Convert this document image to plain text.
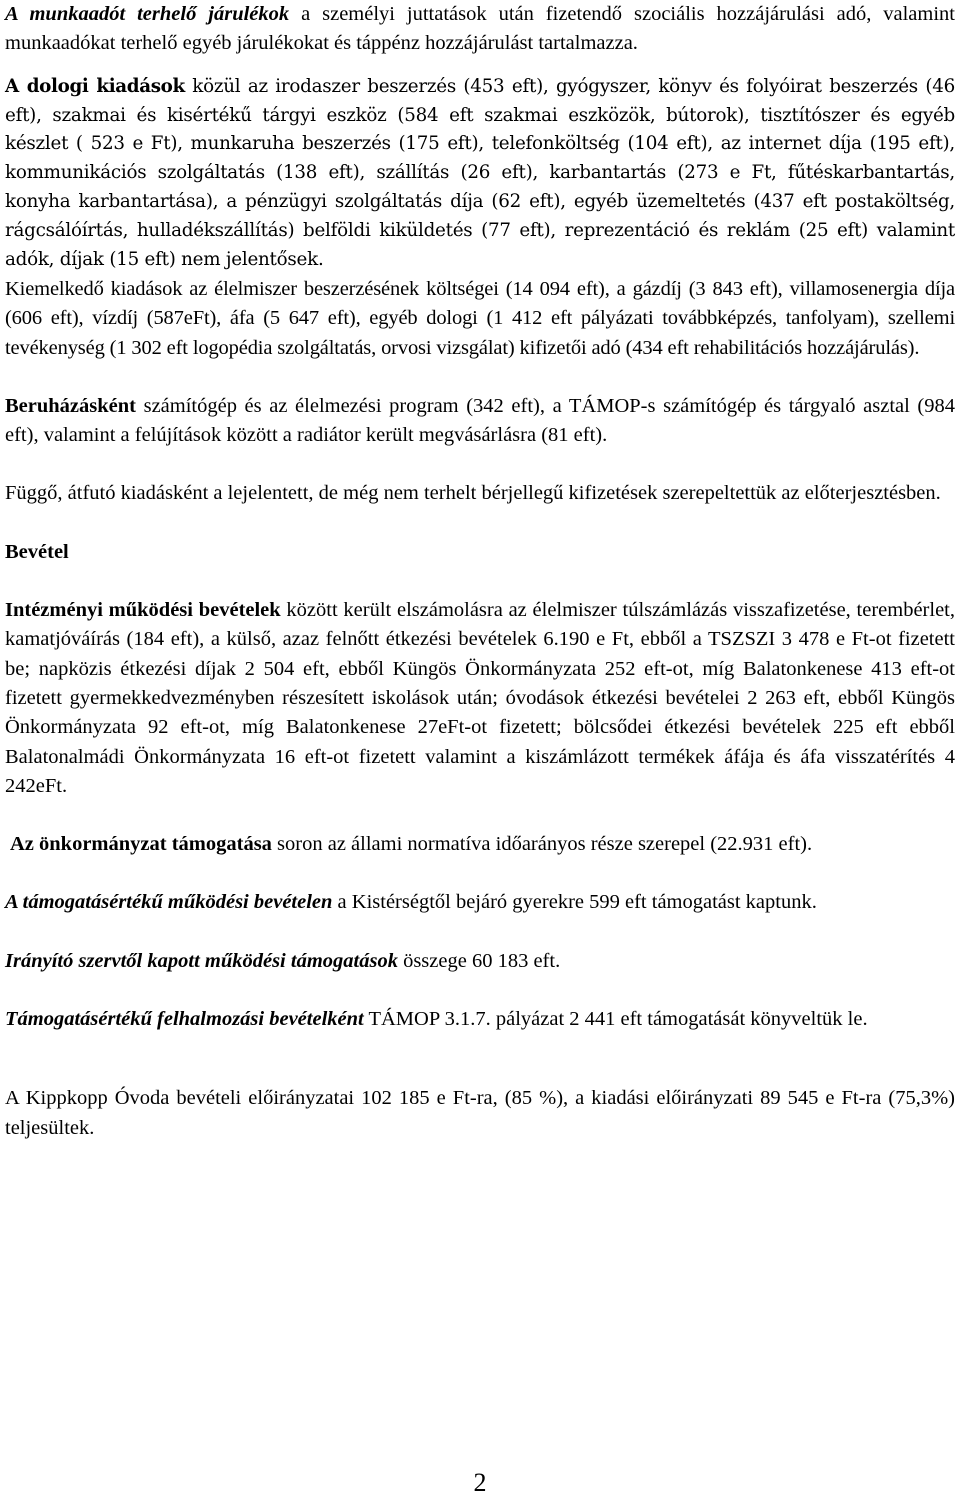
A munkaadót terhelő járulékok a személyi juttatások után fizetendő szociális hozzájárulási adó, valamint munkaadókat terhelő egyéb járulékokat és táppénz hozzájárulást tartalmazza.

A dologi kiadások közül az irodaszer beszerzés (453 eft), gyógyszer, könyv és folyóirat beszerzés (46 eft), szakmai és kisértékű tárgyi eszköz (584 eft szakmai eszközök, bútorok), tisztítószer és egyéb készlet ( 523 e Ft), munkaruha beszerzés (175 eft), telefonköltség (104 eft), az internet díja (195 eft), kommunikációs szolgáltatás (138 eft), szállítás (26 eft), karbantartás (273 e Ft, fűtéskarbantartás, konyha karbantartása), a pénzügyi szolgáltatás díja (62 eft), egyéb üzemeltetés (437 eft postaköltség, rágcsálóírtás, hulladékszállítás) belföldi kiküldetés (77 eft), reprezentáció és reklám (25 eft) valamint adók, díjak (15 eft) nem jelentősek.

Kiemelkedő kiadások az élelmiszer beszerzésének költségei (14 094 eft), a gázdíj (3 843 eft), villamosenergia díja (606 eft), vízdíj (587eFt), áfa (5 647 eft), egyéb dologi (1 412 eft pályázati továbbképzés, tanfolyam), szellemi tevékenység (1 302 eft logopédia szolgáltatás, orvosi vizsgálat) kifizetői adó (434 eft rehabilitációs hozzájárulás).

Beruházásként számítógép és az élelmezési program (342 eft), a TÁMOP-s számítógép és tárgyaló asztal (984 eft), valamint a felújítások között a radiátor került megvásárlásra (81 eft).

Függő, átfutó kiadásként a lejelentett, de még nem terhelt bérjellegű kifizetések szerepeltettük az előterjesztésben.

Bevétel

Intézményi működési bevételek között került elszámolásra az élelmiszer túlszámlázás visszafizetése, terembérlet, kamatjóváírás (184 eft), a külső, azaz felnőtt étkezési bevételek 6.190 e Ft, ebből a TSZSZI 3 478 e Ft-ot fizetett be; napközis étkezési díjak 2 504 eft, ebből Küngös Önkormányzata 252 eft-ot, míg Balatonkenese 413 eft-ot fizetett gyermekkedvezményben részesített iskolások után; óvodások étkezési bevételei 2 263 eft, ebből Küngös Önkormányzata 92 eft-ot, míg Balatonkenese 27eFt-ot fizetett; bölcsődei étkezési bevételek 225 eft ebből Balatonalmádi Önkormányzata 16 eft-ot fizetett valamint a kiszámlázott termékek áfája és áfa visszatérítés 4 242eFt.

Az önkormányzat támogatása soron az állami normatíva időarányos része szerepel (22.931 eft).

A támogatásértékű működési bevételen a Kistérségtől bejáró gyerekre 599 eft támogatást kaptunk.

Irányító szervtől kapott működési támogatások összege 60 183 eft.

Támogatásértékű felhalmozási bevételként TÁMOP 3.1.7. pályázat 2 441 eft támogatását könyveltük le.

A Kippkopp Óvoda bevételi előirányzatai 102 185 e Ft-ra, (85 %), a kiadási előirányzati 89 545 e Ft-ra (75,3%) teljesültek.

2
